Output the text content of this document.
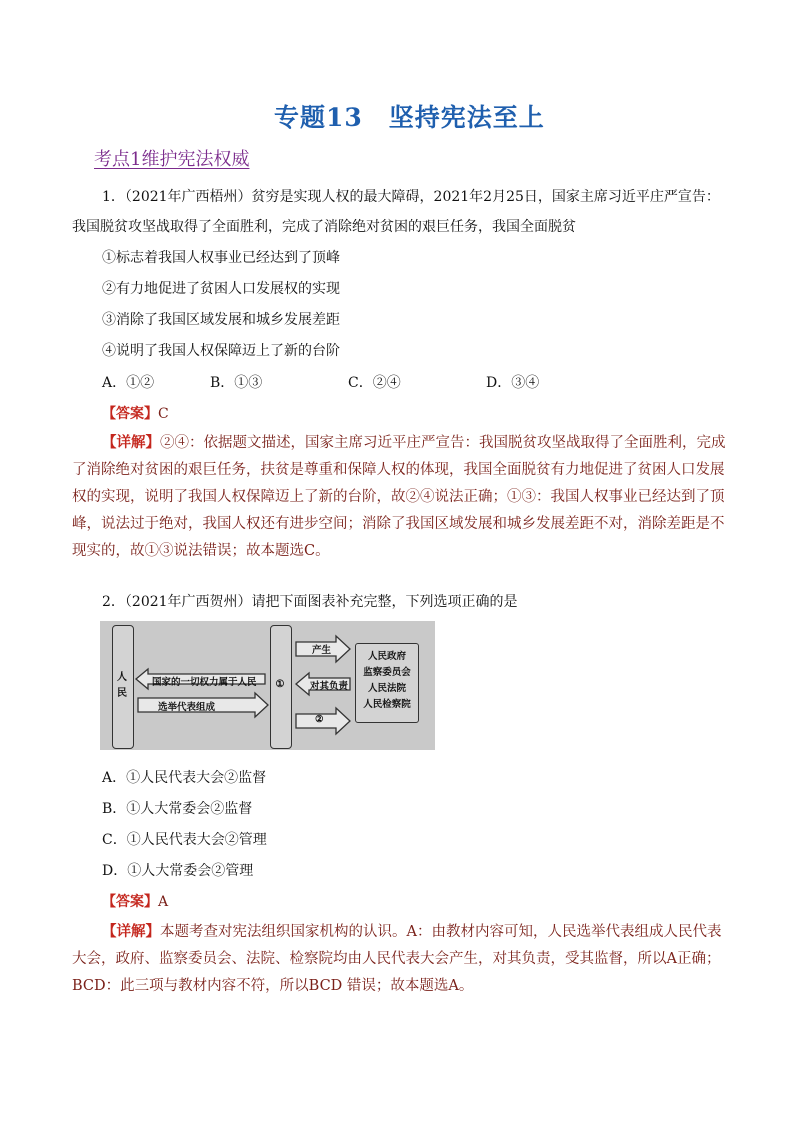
专题13　坚持宪法至上
考点1维护宪法权威
1．（2021年广西梧州）贫穷是实现人权的最大障碍，2021年2月25日，国家主席习近平庄严宣告：
我国脱贫攻坚战取得了全面胜利，完成了消除绝对贫困的艰巨任务，我国全面脱贫
①标志着我国人权事业已经达到了顶峰
②有力地促进了贫困人口发展权的实现
③消除了我国区域发展和城乡发展差距
④说明了我国人权保障迈上了新的台阶
A．①②	B．①③	C．②④	D．③④
【答案】C
【详解】②④：依据题文描述，国家主席习近平庄严宣告：我国脱贫攻坚战取得了全面胜利，完成了消除绝对贫困的艰巨任务，扶贫是尊重和保障人权的体现，我国全面脱贫有力地促进了贫困人口发展权的实现，说明了我国人权保障迈上了新的台阶，故②④说法正确；①③：我国人权事业已经达到了顶峰，说法过于绝对，我国人权还有进步空间；消除了我国区域发展和城乡发展差距不对，消除差距是不现实的，故①③说法错误；故本题选C。
2．（2021年广西贺州）请把下面图表补充完整，下列选项正确的是
人民
国家的一切权力属于人民
选举代表组成
①
产生
对其负责
②
人民政府
监察委员会
人民法院
人民检察院
A．①人民代表大会②监督
B．①人大常委会②监督
C．①人民代表大会②管理
D．①人大常委会②管理
【答案】A
【详解】本题考查对宪法组织国家机构的认识。A：由教材内容可知，人民选举代表组成人民代表大会，政府、监察委员会、法院、检察院均由人民代表大会产生，对其负责，受其监督，所以A正确；BCD：此三项与教材内容不符，所以BCD 错误；故本题选A。
